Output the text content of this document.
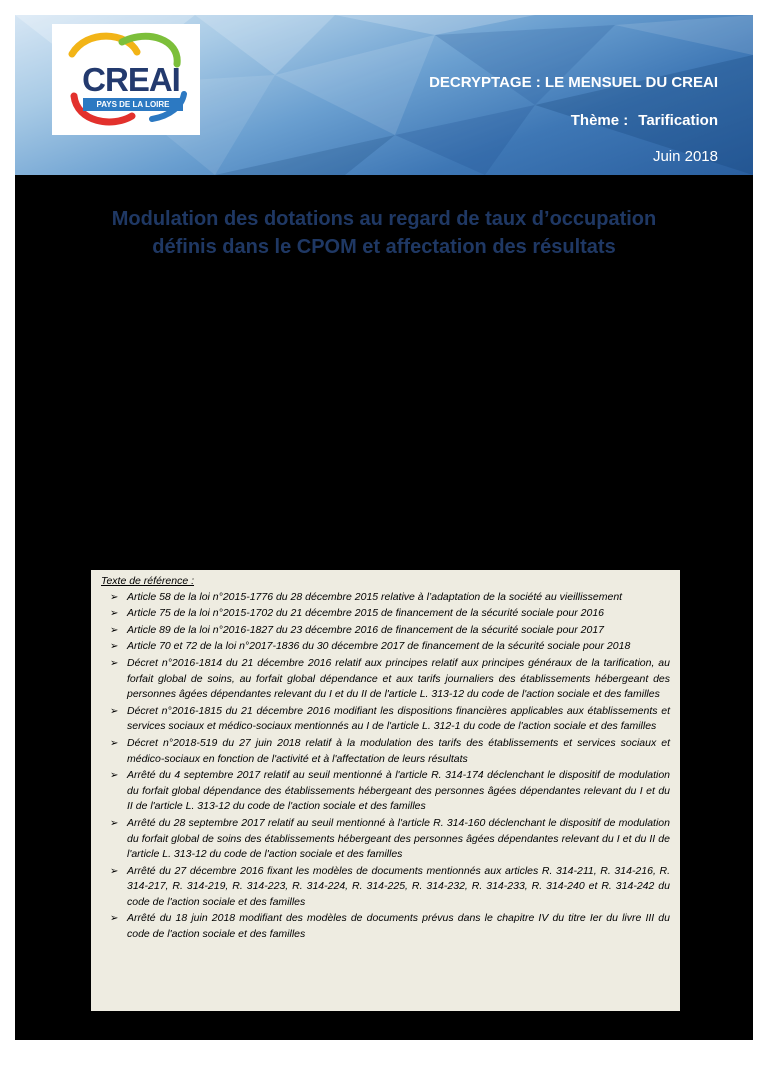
CREAI
PAYS DE LA LOIRE
DECRYPTAGE : LE MENSUEL DU CREAI
Thème : Tarification
Juin 2018
Modulation des dotations au regard de taux d’occupation
définis dans le CPOM et affectation des résultats
Texte de référence :
➢ Article 58 de la loi n°2015-1776 du 28 décembre 2015 relative à l’adaptation de la société au vieillissement
➢ Article 75 de la loi n°2015-1702 du 21 décembre 2015 de financement de la sécurité sociale pour 2016
➢ Article 89 de la loi n°2016-1827 du 23 décembre 2016 de financement de la sécurité sociale pour 2017
➢ Article 70 et 72 de la loi n°2017-1836 du 30 décembre 2017 de financement de la sécurité sociale pour 2018
➢ Décret n°2016-1814 du 21 décembre 2016 relatif aux principes relatif aux principes généraux de la tarification, au forfait global de soins, au forfait global dépendance et aux tarifs journaliers des établissements hébergeant des personnes âgées dépendantes relevant du I et du II de l'article L. 313-12 du code de l'action sociale et des familles
➢ Décret n°2016-1815 du 21 décembre 2016 modifiant les dispositions financières applicables aux établissements et services sociaux et médico-sociaux mentionnés au I de l'article L. 312-1 du code de l'action sociale et des familles
➢ Décret n°2018-519 du 27 juin 2018 relatif à la modulation des tarifs des établissements et services sociaux et médico-sociaux en fonction de l'activité et à l'affectation de leurs résultats
➢ Arrêté du 4 septembre 2017 relatif au seuil mentionné à l'article R. 314-174 déclenchant le dispositif de modulation du forfait global dépendance des établissements hébergeant des personnes âgées dépendantes relevant du I et du II de l'article L. 313-12 du code de l'action sociale et des familles
➢ Arrêté du 28 septembre 2017 relatif au seuil mentionné à l'article R. 314-160 déclenchant le dispositif de modulation du forfait global de soins des établissements hébergeant des personnes âgées dépendantes relevant du I et du II de l'article L. 313-12 du code de l'action sociale et des familles
➢ Arrêté du 27 décembre 2016 fixant les modèles de documents mentionnés aux articles R. 314-211, R. 314-216, R. 314-217, R. 314-219, R. 314-223, R. 314-224, R. 314-225, R. 314-232, R. 314-233, R. 314-240 et R. 314-242 du code de l'action sociale et des familles
➢ Arrêté du 18 juin 2018 modifiant des modèles de documents prévus dans le chapitre IV du titre Ier du livre III du code de l'action sociale et des familles
